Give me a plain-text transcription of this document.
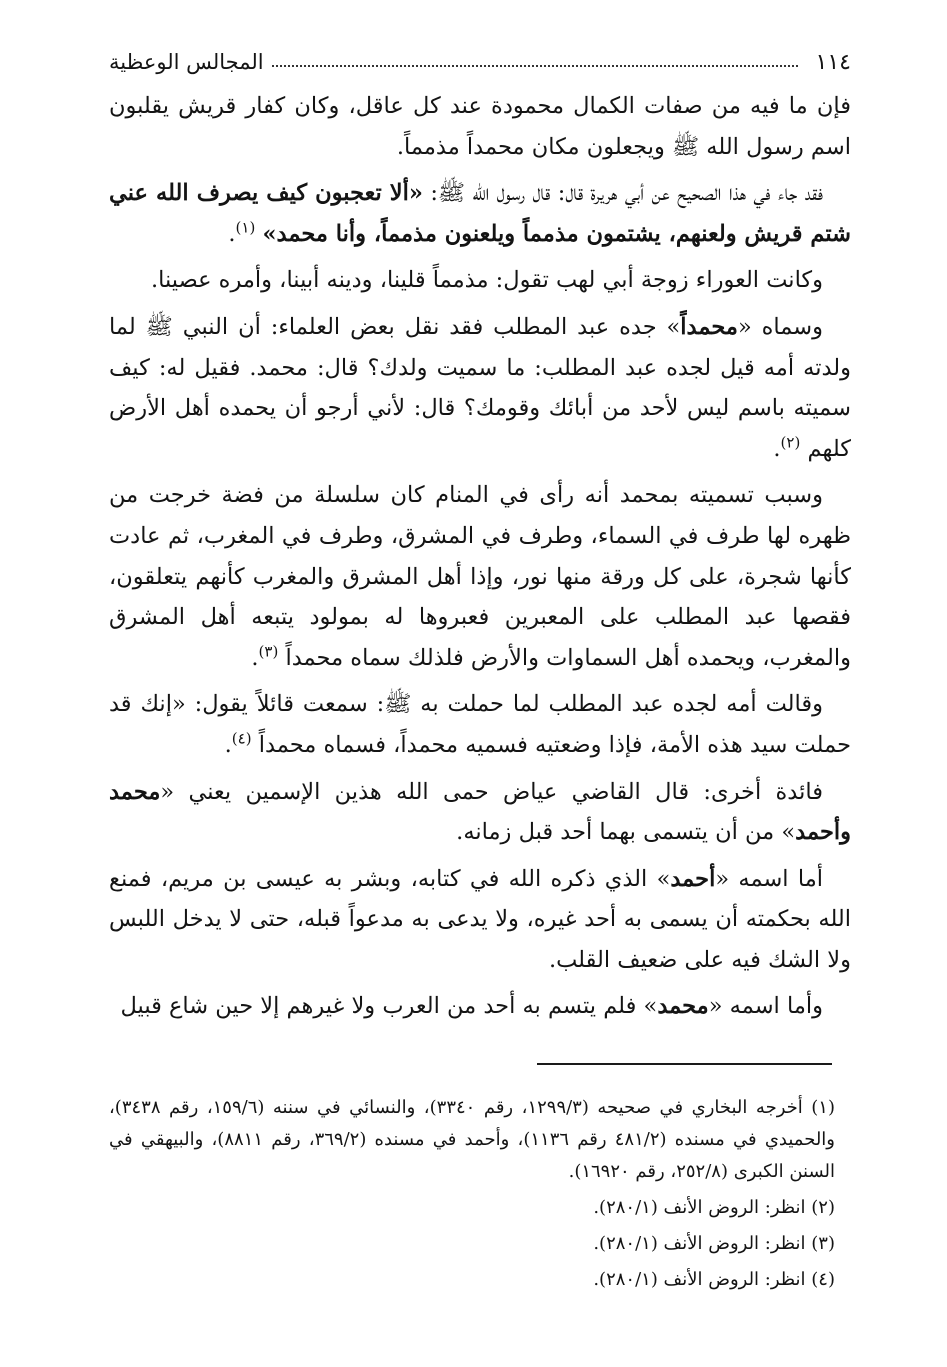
١١٤
المجالس الوعظية

فإن ما فيه من صفات الكمال محمودة عند كل عاقل، وكان كفار قريش يقلبون اسم رسول الله ﷺ ويجعلون مكان محمداً مذمماً.

فقد جاء في هذا الصحيح عن أبي هريرة قال: قال رسول الله ﷺ: «ألا تعجبون كيف يصرف الله عني شتم قريش ولعنهم، يشتمون مذمماً ويلعنون مذمماً، وأنا محمد» $^{(١)}$.

وكانت العوراء زوجة أبي لهب تقول: مذمماً قلينا، ودينه أبينا، وأمره عصينا.

وسماه «محمداً» جده عبد المطلب فقد نقل بعض العلماء: أن النبي ﷺ لما ولدته أمه قيل لجده عبد المطلب: ما سميت ولدك؟ قال: محمد. فقيل له: كيف سميته باسم ليس لأحد من أبائك وقومك؟ قال: لأني أرجو أن يحمده أهل الأرض كلهم $^{(٢)}$.

وسبب تسميته بمحمد أنه رأى في المنام كان سلسلة من فضة خرجت من ظهره لها طرف في السماء، وطرف في المشرق، وطرف في المغرب، ثم عادت كأنها شجرة، على كل ورقة منها نور، وإذا أهل المشرق والمغرب كأنهم يتعلقون، فقصها عبد المطلب على المعبرين فعبروها له بمولود يتبعه أهل المشرق والمغرب، ويحمده أهل السماوات والأرض فلذلك سماه محمداً $^{(٣)}$.

وقالت أمه لجده عبد المطلب لما حملت به ﷺ: سمعت قائلاً يقول: «إنك قد حملت سيد هذه الأمة، فإذا وضعتيه فسميه محمداً، فسماه محمداً $^{(٤)}$.

فائدة أخرى: قال القاضي عياض حمى الله هذين الإسمين يعني «محمد وأحمد» من أن يتسمى بهما أحد قبل زمانه.

أما اسمه «أحمد» الذي ذكره الله في كتابه، وبشر به عيسى بن مريم، فمنع الله بحكمته أن يسمى به أحد غيره، ولا يدعى به مدعواً قبله، حتى لا يدخل اللبس ولا الشك فيه على ضعيف القلب.

وأما اسمه «محمد» فلم يتسم به أحد من العرب ولا غيرهم إلا حين شاع قبيل

(١) أخرجه البخاري في صحيحه (١٢٩٩/٣، رقم ٣٣٤٠)، والنسائي في سننه (١٥٩/٦، رقم ٣٤٣٨)، والحميدي في مسنده (٤٨١/٢ رقم ١١٣٦)، وأحمد في مسنده (٣٦٩/٢، رقم ٨٨١١)، والبيهقي في السنن الكبرى (٢٥٢/٨، رقم ١٦٩٢٠).

(٢) انظر: الروض الأنف (٢٨٠/١).

(٣) انظر: الروض الأنف (٢٨٠/١).

(٤) انظر: الروض الأنف (٢٨٠/١).
